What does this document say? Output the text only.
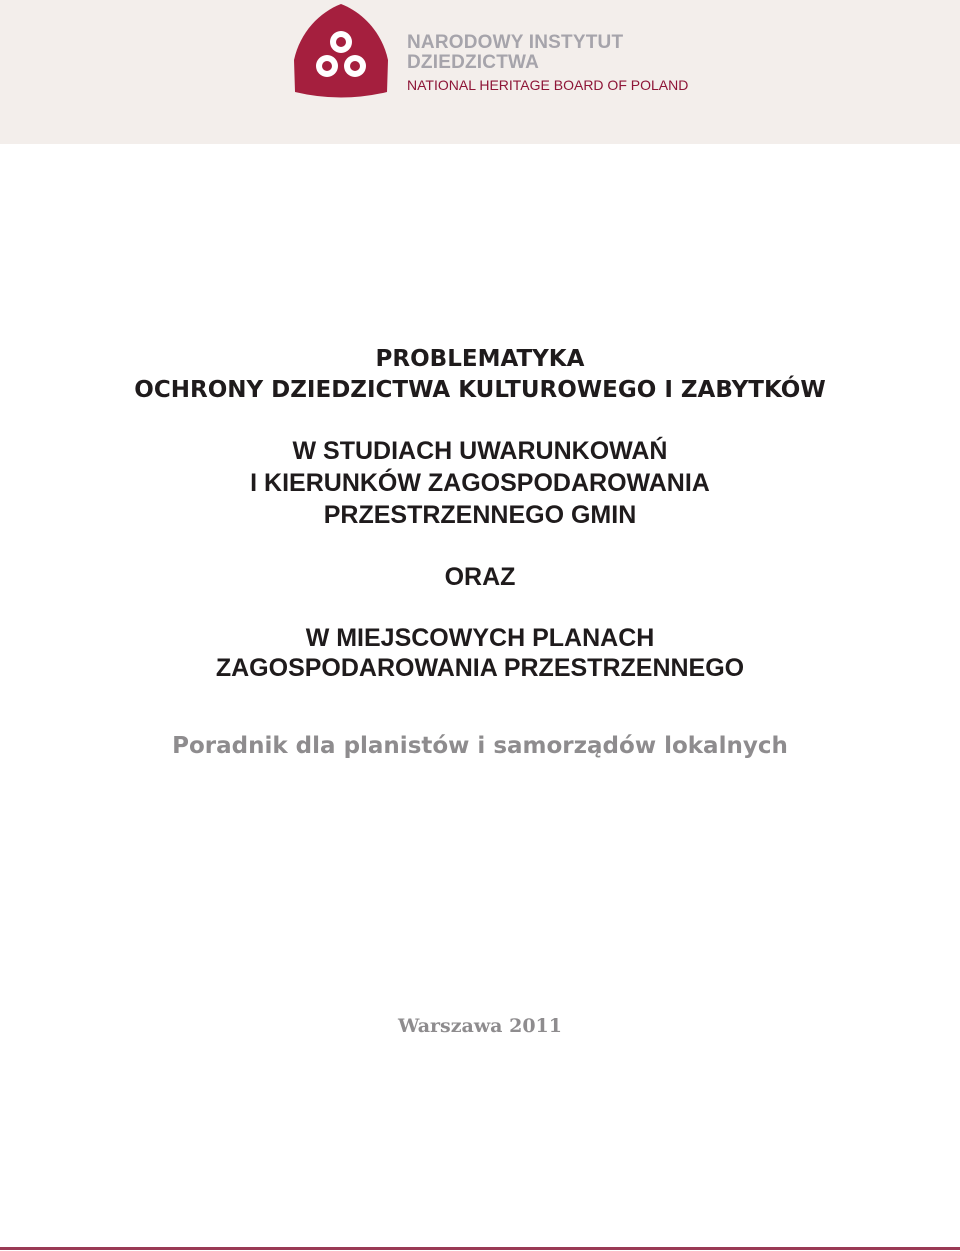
NARODOWY INSTYTUT
DZIEDZICTWA
NATIONAL HERITAGE BOARD OF POLAND
PROBLEMATYKA
OCHRONY DZIEDZICTWA KULTUROWEGO I ZABYTKÓW
W STUDIACH UWARUNKOWAŃ
I KIERUNKÓW ZAGOSPODAROWANIA
PRZESTRZENNEGO GMIN
ORAZ
W MIEJSCOWYCH PLANACH
ZAGOSPODAROWANIA PRZESTRZENNEGO
Poradnik dla planistów i samorządów lokalnych
Warszawa 2011
